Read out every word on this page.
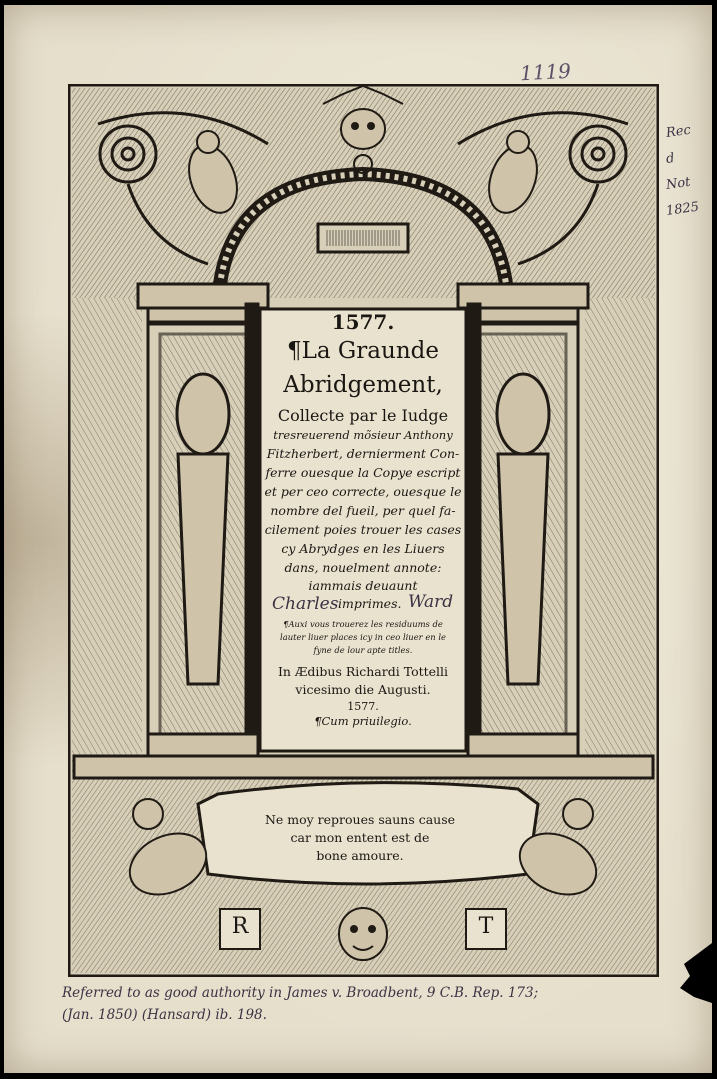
1119
Rec
d
Not
1825
1577.
¶La Graunde
Abridgement,
Collecte par le Iudge
tresreuerend mõsieur Anthony
Fitzherbert, dernierment Con-
ferre ouesque la Copye escript
et per ceo correcte, ouesque le
nombre del fueil, per quel fa-
cilement poies trouer les cases
cy Abrydges en les Liuers
dans, nouelment annote:
iammais deuaunt
Charles imprimes. Ward
¶Auxi vous trouerez les residuums de
lauter liuer places icy in ceo liuer en le
fyne de lour apte titles.
In Ædibus Richardi Tottelli
vicesimo die Augusti.
1577.
¶Cum priuilegio.
Ne moy reproues sauns cause
car mon entent est de
bone amoure.
R	T
Referred to as good authority in James v. Broadbent, 9 C.B. Rep. 173;
(Jan. 1850) (Hansard) ib. 198.
